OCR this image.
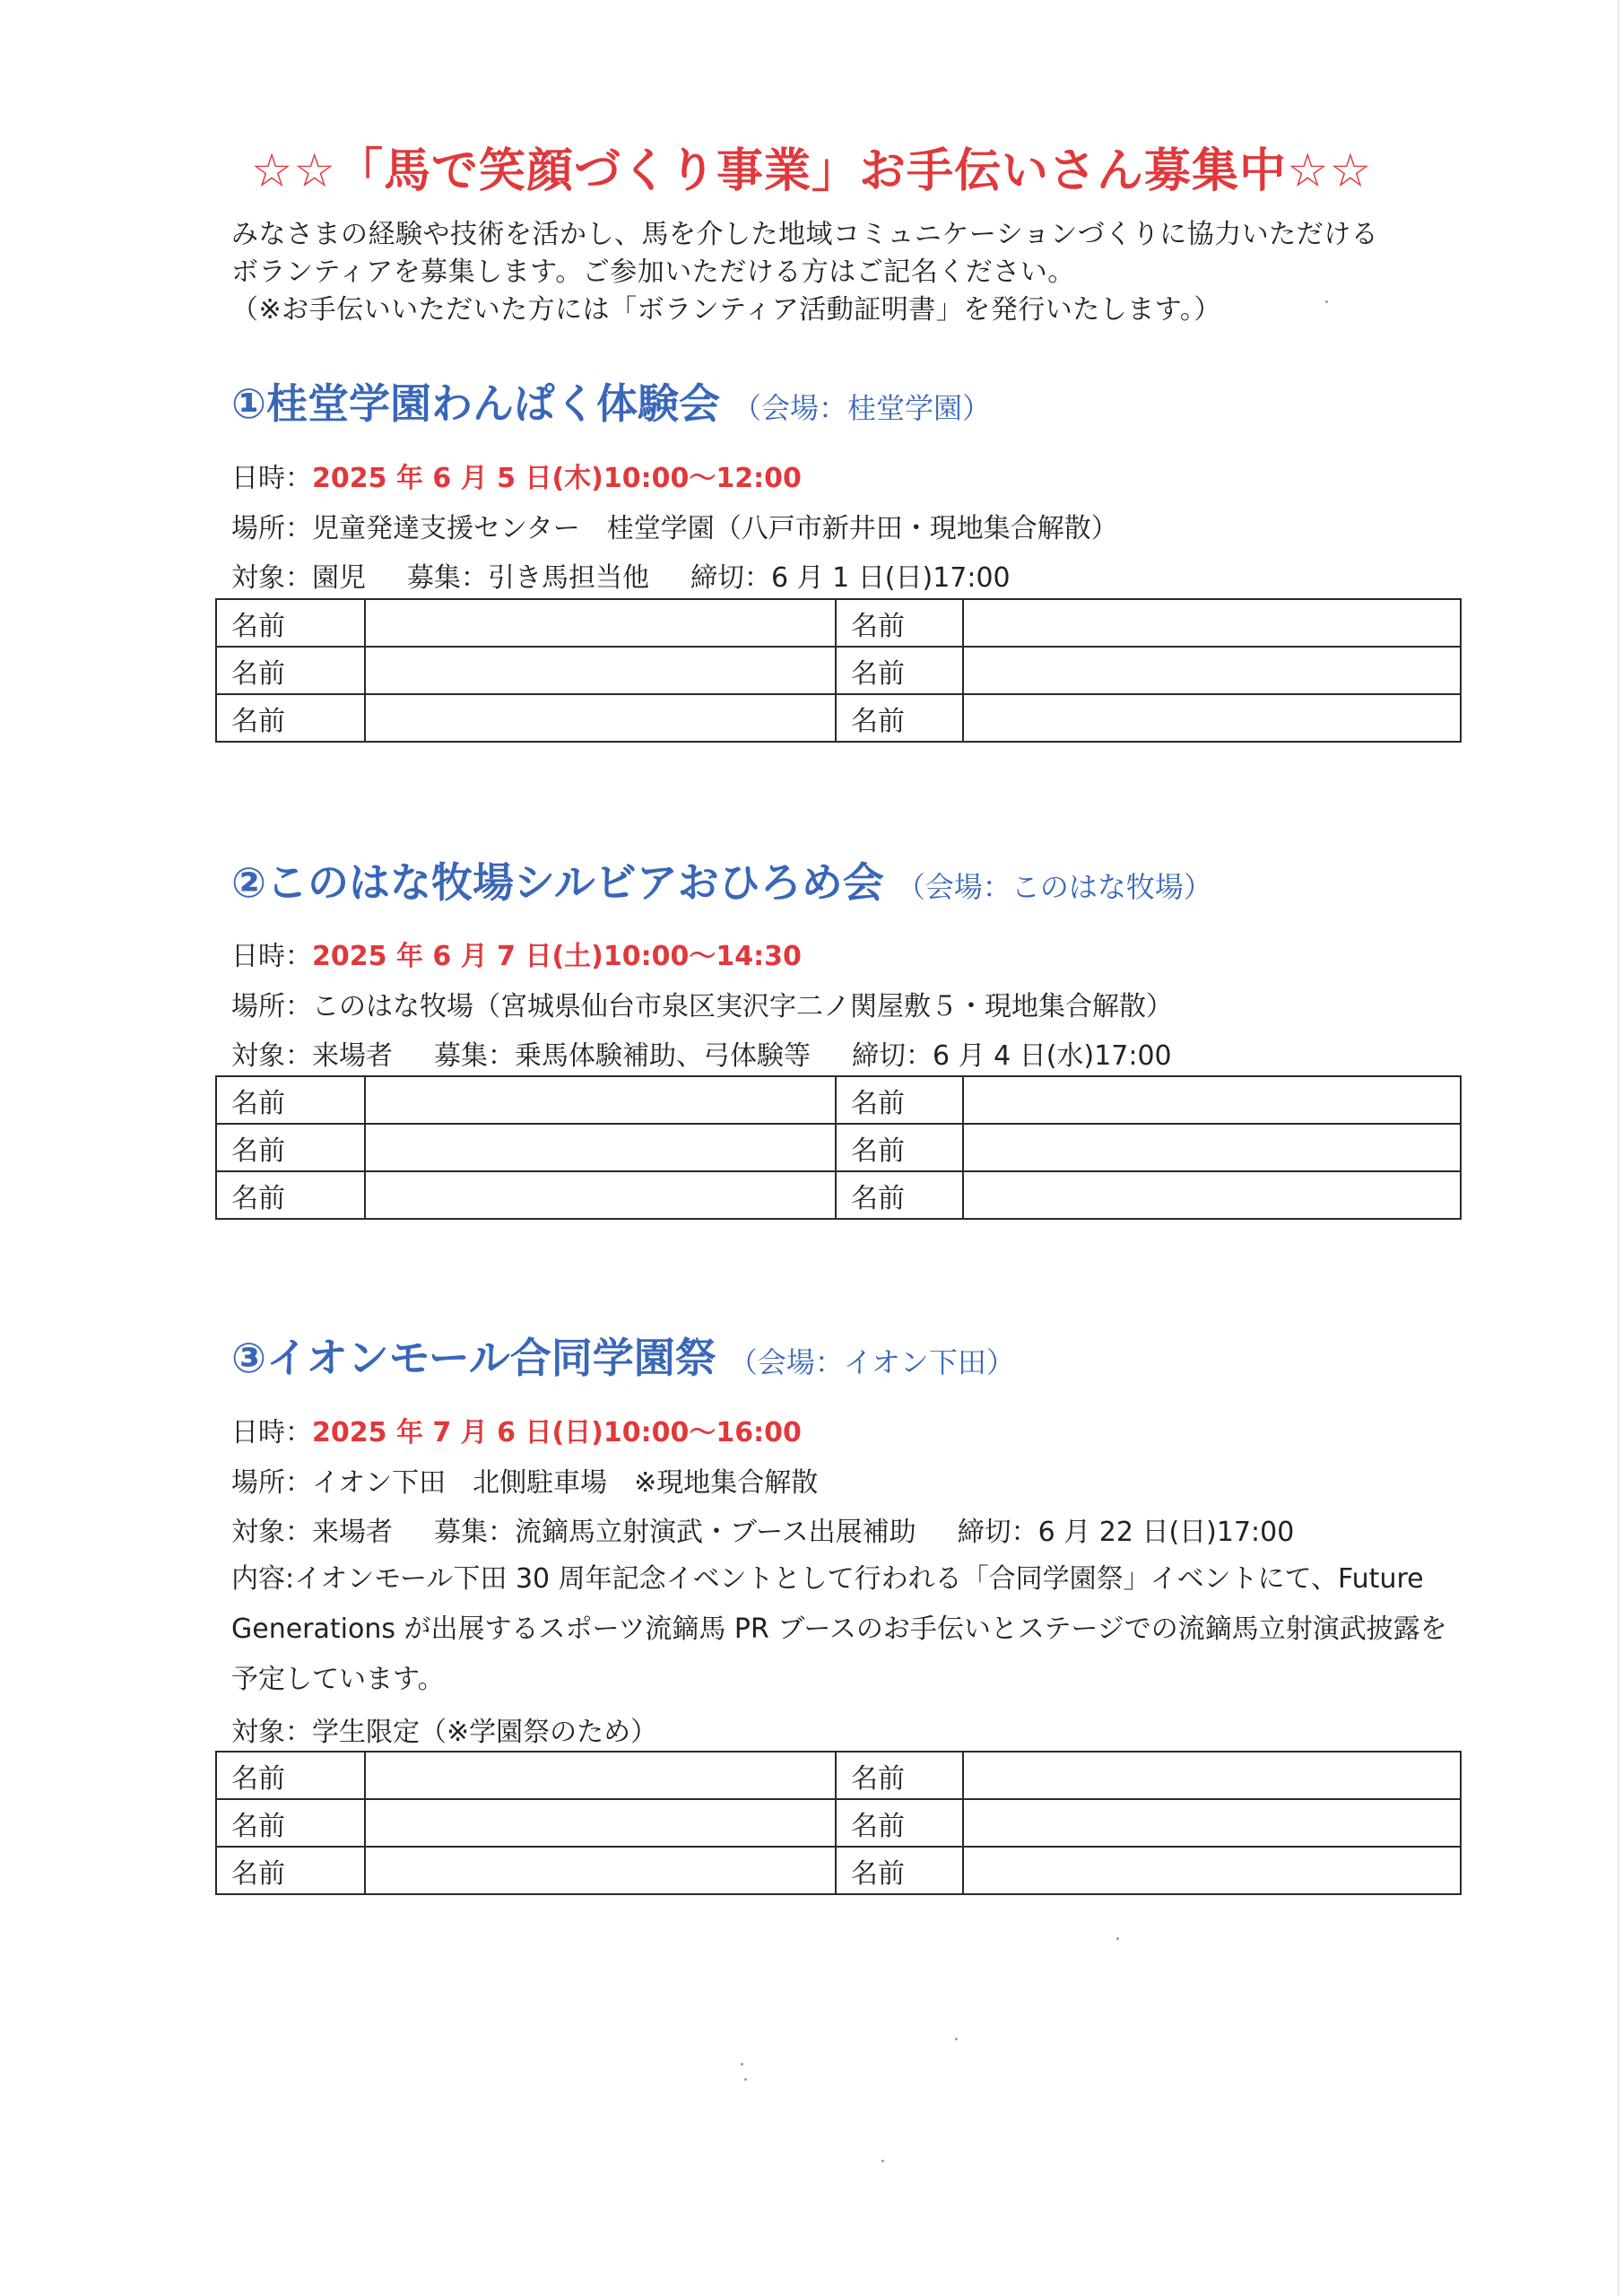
☆☆「馬で笑顔づくり事業」お手伝いさん募集中☆☆
みなさまの経験や技術を活かし、馬を介した地域コミュニケーションづくりに協力いただける
ボランティアを募集します。ご参加いただける方はご記名ください。
（※お手伝いいただいた方には「ボランティア活動証明書」を発行いたします。）
①桂堂学園わんぱく体験会 （会場：桂堂学園）
日時：2025 年 6 月 5 日(木)10:00〜12:00
場所：児童発達支援センター　桂堂学園（八戸市新井田・現地集合解散）
対象：園児 募集：引き馬担当他 締切：6 月 1 日(日)17:00
名前		名前	
名前		名前	
名前		名前	
②このはな牧場シルビアおひろめ会 （会場：このはな牧場）
日時：2025 年 6 月 7 日(土)10:00〜14:30
場所：このはな牧場（宮城県仙台市泉区実沢字二ノ関屋敷５・現地集合解散）
対象：来場者 募集：乗馬体験補助、弓体験等 締切：6 月 4 日(水)17:00
名前		名前	
名前		名前	
名前		名前	
③イオンモール合同学園祭 （会場：イオン下田）
日時：2025 年 7 月 6 日(日)10:00〜16:00
場所：イオン下田　北側駐車場　※現地集合解散
対象：来場者 募集：流鏑馬立射演武・ブース出展補助 締切：6 月 22 日(日)17:00
内容:イオンモール下田 30 周年記念イベントとして行われる「合同学園祭」イベントにて、Future Generations が出展するスポーツ流鏑馬 PR ブースのお手伝いとステージでの流鏑馬立射演武披露を予定しています。
対象：学生限定（※学園祭のため）
名前		名前	
名前		名前	
名前		名前	
